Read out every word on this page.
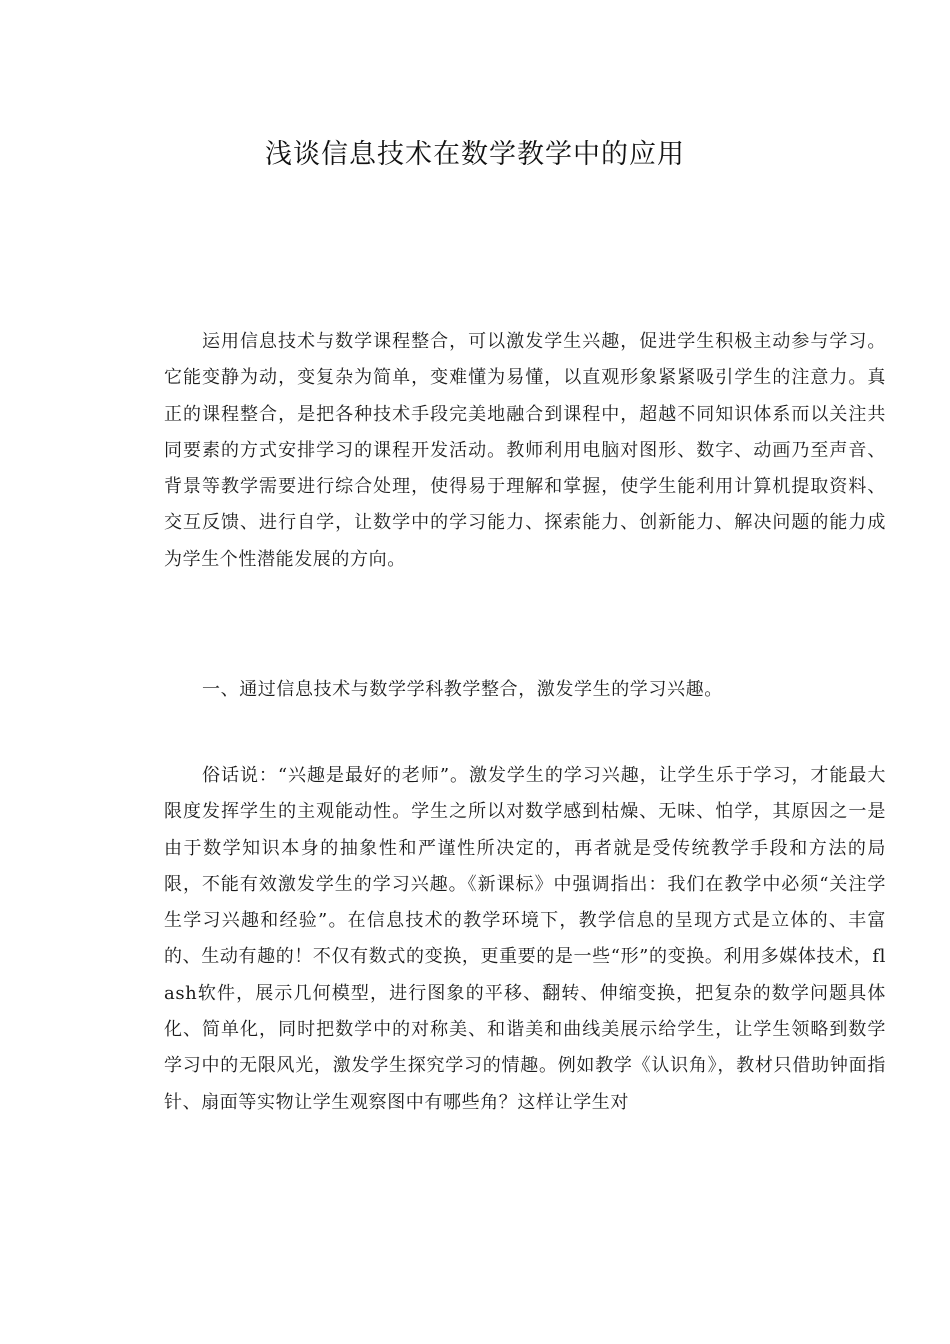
浅谈信息技术在数学教学中的应用

运用信息技术与数学课程整合，可以激发学生兴趣，促进学生积极主动参与学习。它能变静为动，变复杂为简单，变难懂为易懂，以直观形象紧紧吸引学生的注意力。真正的课程整合，是把各种技术手段完美地融合到课程中，超越不同知识体系而以关注共同要素的方式安排学习的课程开发活动。教师利用电脑对图形、数字、动画乃至声音、背景等教学需要进行综合处理，使得易于理解和掌握，使学生能利用计算机提取资料、交互反馈、进行自学，让数学中的学习能力、探索能力、创新能力、解决问题的能力成为学生个性潜能发展的方向。

一、通过信息技术与数学学科教学整合，激发学生的学习兴趣。

俗话说：“兴趣是最好的老师”。激发学生的学习兴趣，让学生乐于学习，才能最大限度发挥学生的主观能动性。学生之所以对数学感到枯燥、无味、怕学，其原因之一是由于数学知识本身的抽象性和严谨性所决定的，再者就是受传统教学手段和方法的局限，不能有效激发学生的学习兴趣。《新课标》中强调指出：我们在教学中必须“关注学生学习兴趣和经验”。在信息技术的教学环境下，教学信息的呈现方式是立体的、丰富的、生动有趣的！不仅有数式的变换，更重要的是一些“形”的变换。利用多媒体技术，flash软件，展示几何模型，进行图象的平移、翻转、伸缩变换，把复杂的数学问题具体化、简单化，同时把数学中的对称美、和谐美和曲线美展示给学生，让学生领略到数学学习中的无限风光，激发学生探究学习的情趣。例如教学《认识角》，教材只借助钟面指针、扇面等实物让学生观察图中有哪些角？这样让学生对
